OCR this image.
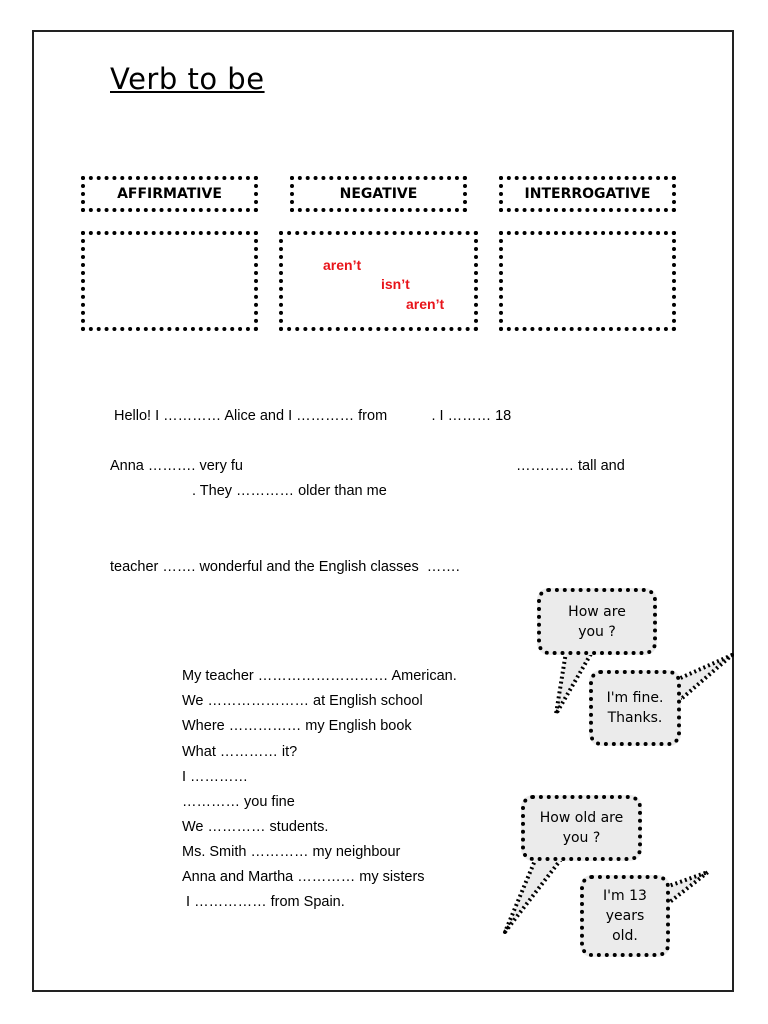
Verb to be
AFFIRMATIVE	NEGATIVE	INTERROGATIVE
aren’t
isn’t
aren’t
Hello! I ………… Alice and I ………… from           . I ……… 18
Anna ………. very fu	………… tall and
. They ………… older than me
teacher ……. wonderful and the English classes  …….
My teacher ……………………… American.
We ………………… at English school
Where …………… my English book
What ………… it?
I …………
………… you fine
We ………… students.
Ms. Smith ………… my neighbour
Anna and Martha ………… my sisters
I …………… from Spain.
How are you ?
I'm fine. Thanks.
How old are you ?
I'm 13 years old.
